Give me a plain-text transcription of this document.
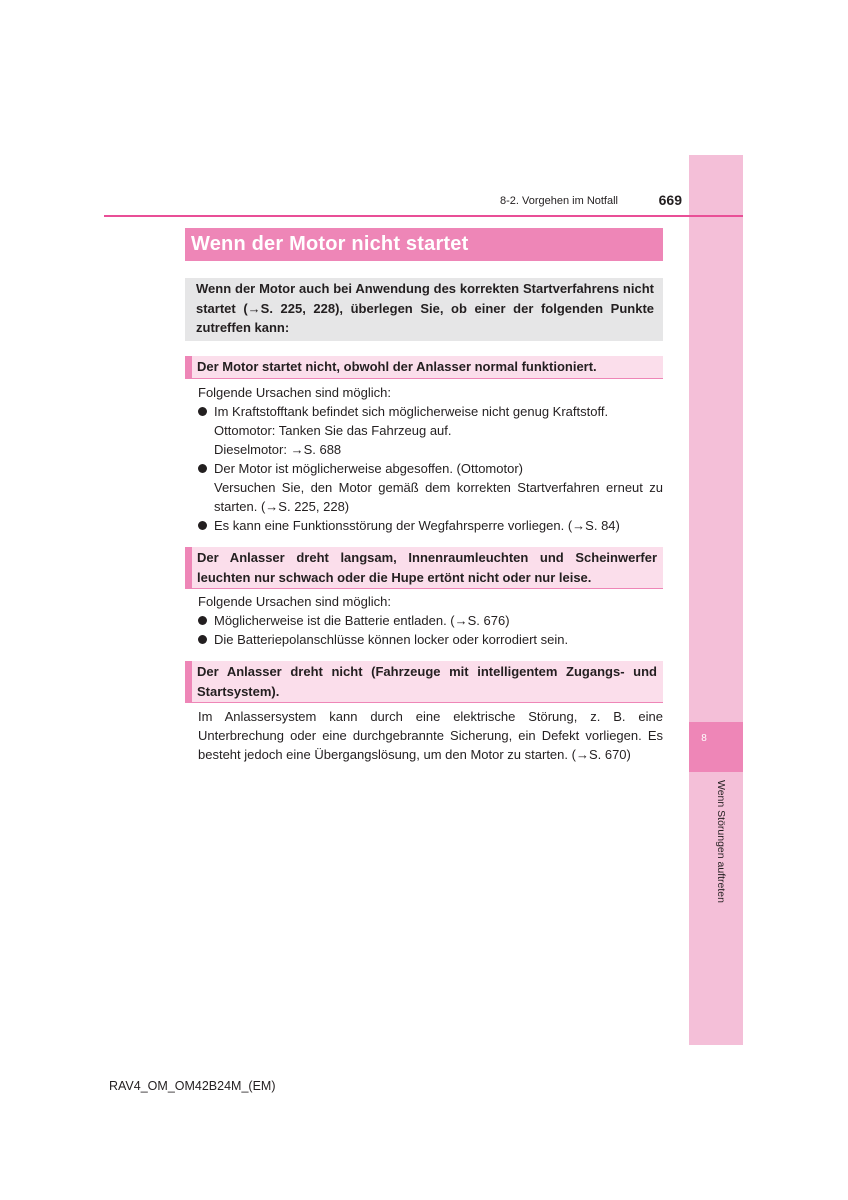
8
Wenn Störungen auftreten
8-2. Vorgehen im Notfall	669
Wenn der Motor nicht startet
Wenn der Motor auch bei Anwendung des korrekten Startverfahrens nicht startet (→S. 225, 228), überlegen Sie, ob einer der folgenden Punkte zutreffen kann:
Der Motor startet nicht, obwohl der Anlasser normal funktioniert.

Folgende Ursachen sind möglich:

Im Kraftstofftank befindet sich möglicherweise nicht genug Kraftstoff.

Ottomotor: Tanken Sie das Fahrzeug auf.

Dieselmotor: →S. 688

Der Motor ist möglicherweise abgesoffen. (Ottomotor)

Versuchen Sie, den Motor gemäß dem korrekten Startverfahren erneut zu starten. (→S. 225, 228)

Es kann eine Funktionsstörung der Wegfahrsperre vorliegen. (→S. 84)

Der Anlasser dreht langsam, Innenraumleuchten und Scheinwerfer leuchten nur schwach oder die Hupe ertönt nicht oder nur leise.

Folgende Ursachen sind möglich:

Möglicherweise ist die Batterie entladen. (→S. 676)

Die Batteriepolanschlüsse können locker oder korrodiert sein.

Der Anlasser dreht nicht (Fahrzeuge mit intelligentem Zugangs- und Startsystem).
Im Anlassersystem kann durch eine elektrische Störung, z. B. eine Unterbrechung oder eine durchgebrannte Sicherung, ein Defekt vorliegen. Es besteht jedoch eine Übergangslösung, um den Motor zu starten. (→S. 670)
RAV4_OM_OM42B24M_(EM)
